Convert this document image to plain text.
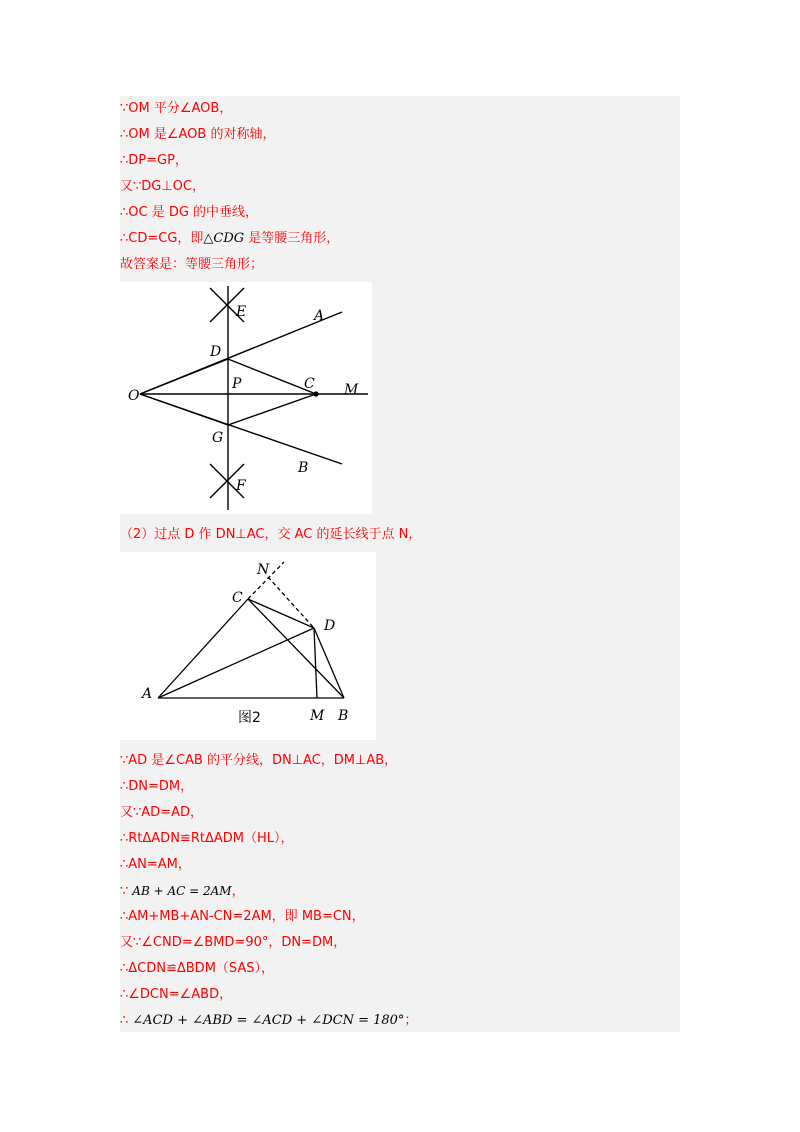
∵OM 平分∠AOB，
∴OM 是∠AOB 的对称轴，
∴DP=GP，
又∵DG⊥OC，
∴OC 是 DG 的中垂线，
∴CD=CG，即△CDG 是等腰三角形，
故答案是：等腰三角形；
E	A
D
P	C M
O
G
B
F
（2）过点 D 作 DN⊥AC，交 AC 的延长线于点 N，
N
C
D
A
M B
图2
∵AD 是∠CAB 的平分线，DN⊥AC，DM⊥AB，
∴DN=DM，
又∵AD=AD，
∴RtΔADN≌RtΔADM（HL），
∴AN=AM，
∵ AB + AC = 2AM，
∴AM+MB+AN-CN=2AM，即 MB=CN，
又∵∠CND=∠BMD=90°，DN=DM，
∴ΔCDN≌ΔBDM（SAS），
∴∠DCN=∠ABD，
∴ ∠ACD + ∠ABD = ∠ACD + ∠DCN = 180°；
